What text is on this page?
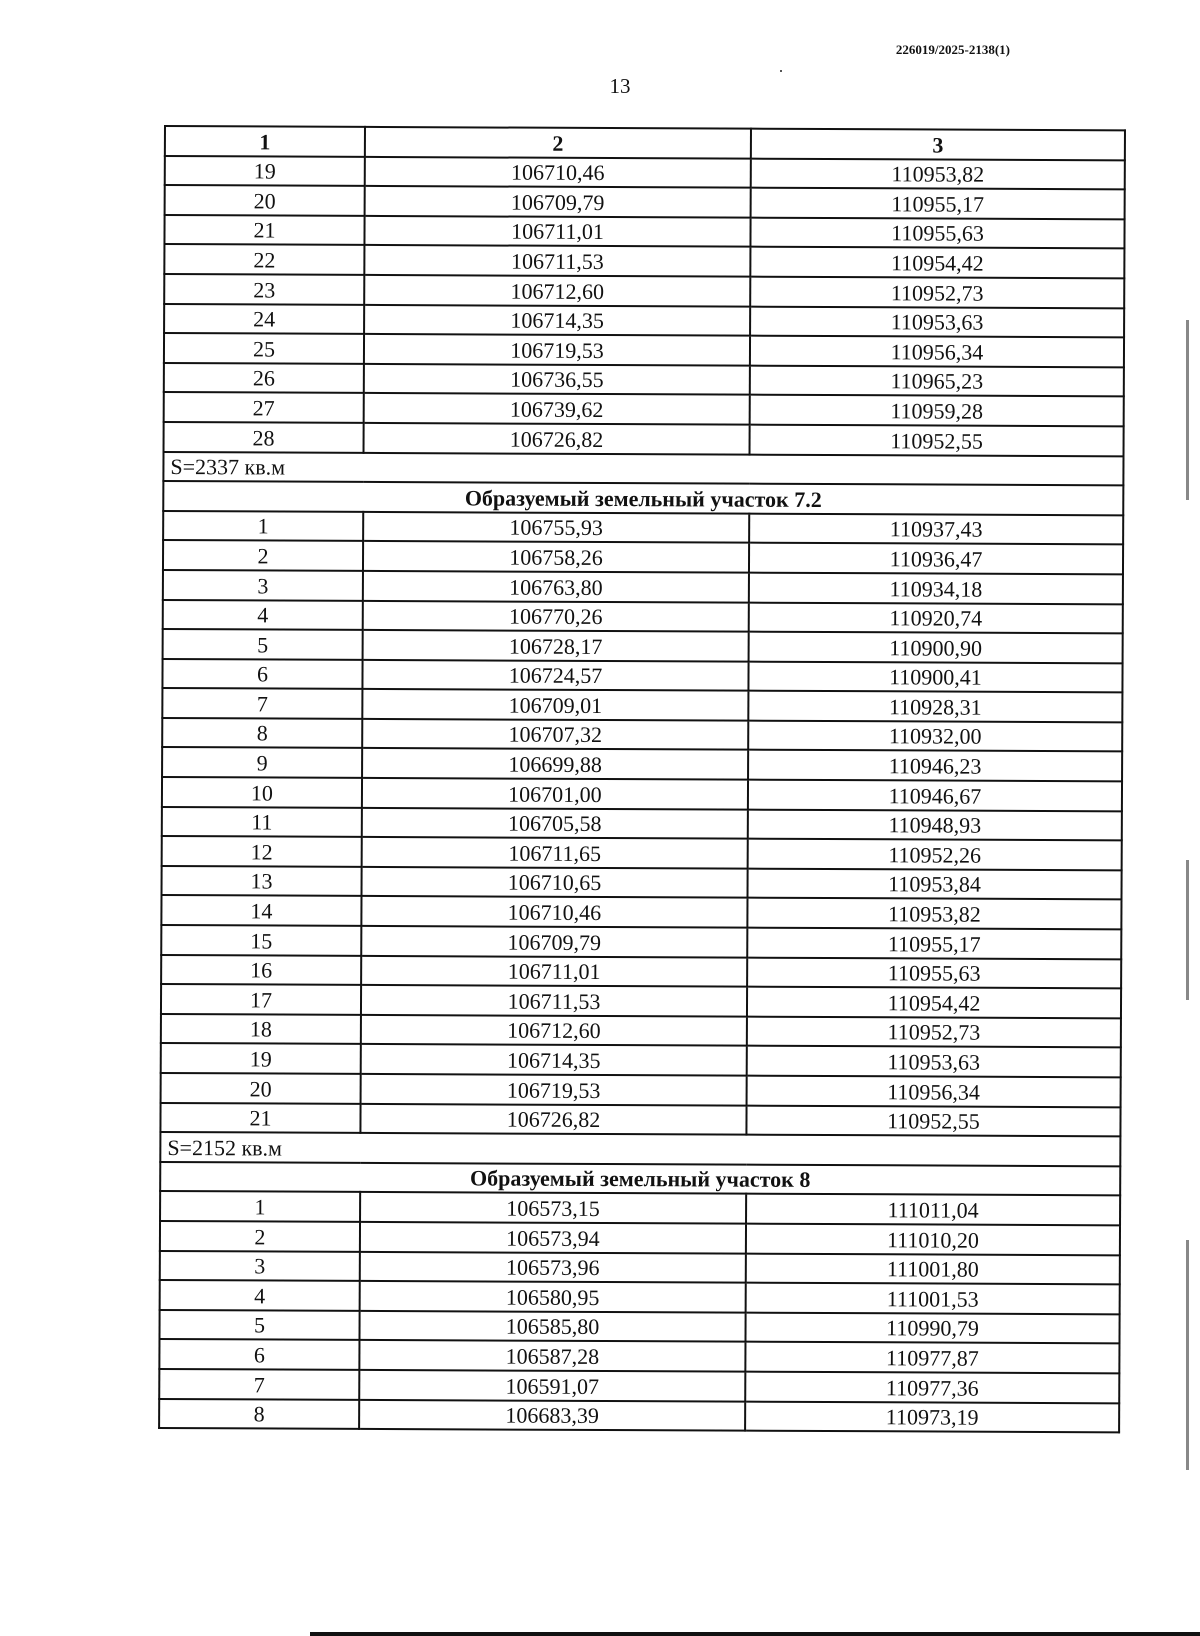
226019/2025-2138(1)
13
1	2	3
19	106710,46	110953,82
20	106709,79	110955,17
21	106711,01	110955,63
22	106711,53	110954,42
23	106712,60	110952,73
24	106714,35	110953,63
25	106719,53	110956,34
26	106736,55	110965,23
27	106739,62	110959,28
28	106726,82	110952,55
S=2337 кв.м		
Образуемый земельный участок 7.2		
1	106755,93	110937,43
2	106758,26	110936,47
3	106763,80	110934,18
4	106770,26	110920,74
5	106728,17	110900,90
6	106724,57	110900,41
7	106709,01	110928,31
8	106707,32	110932,00
9	106699,88	110946,23
10	106701,00	110946,67
11	106705,58	110948,93
12	106711,65	110952,26
13	106710,65	110953,84
14	106710,46	110953,82
15	106709,79	110955,17
16	106711,01	110955,63
17	106711,53	110954,42
18	106712,60	110952,73
19	106714,35	110953,63
20	106719,53	110956,34
21	106726,82	110952,55
S=2152 кв.м		
Образуемый земельный участок 8		
1	106573,15	111011,04
2	106573,94	111010,20
3	106573,96	111001,80
4	106580,95	111001,53
5	106585,80	110990,79
6	106587,28	110977,87
7	106591,07	110977,36
8	106683,39	110973,19
